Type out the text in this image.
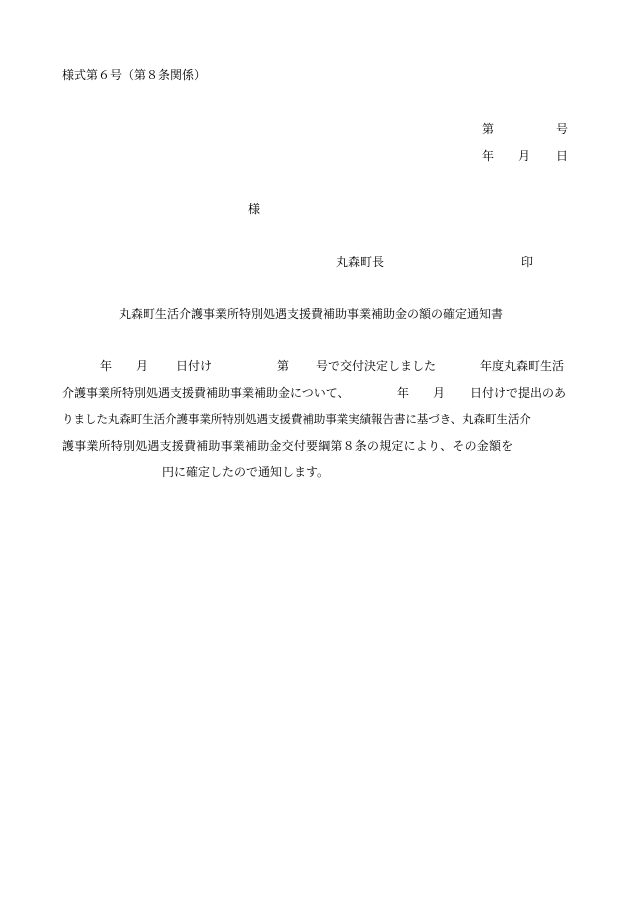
様式第６号（第８条関係）
第	号
年 月 日
様
丸森町長	印
丸森町生活介護事業所特別処遇支援費補助事業補助金の額の確定通知書
年 月 日付け	第 号で交付決定しました	年度丸森町生活
介護事業所特別処遇支援費補助事業補助金について、	年 月 日付けで提出のあ
りました丸森町生活介護事業所特別処遇支援費補助事業実績報告書に基づき、丸森町生活介
護事業所特別処遇支援費補助事業補助金交付要綱第８条の規定により、その金額を
円に確定したので通知します。
